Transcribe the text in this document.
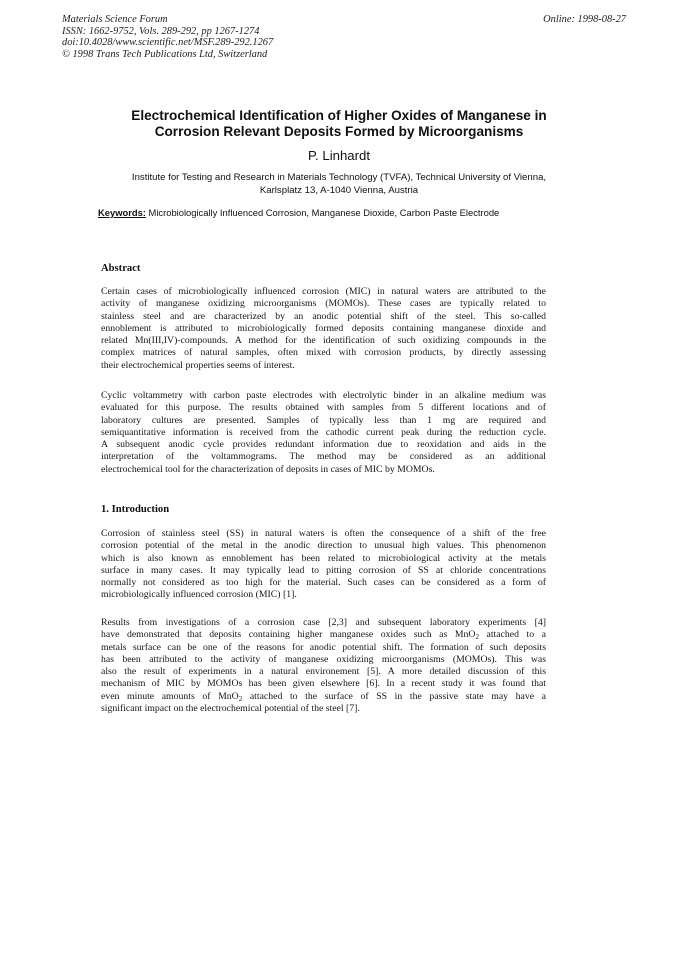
Materials Science Forum
ISSN: 1662-9752, Vols. 289-292, pp 1267-1274
doi:10.4028/www.scientific.net/MSF.289-292.1267
© 1998 Trans Tech Publications Ltd, Switzerland
Online: 1998-08-27
Electrochemical Identification of Higher Oxides of Manganese in
Corrosion Relevant Deposits Formed by Microorganisms
P. Linhardt
Institute for Testing and Research in Materials Technology (TVFA), Technical University of Vienna,
Karlsplatz 13, A-1040 Vienna, Austria
Keywords: Microbiologically Influenced Corrosion, Manganese Dioxide, Carbon Paste Electrode
Abstract
Certain cases of microbiologically influenced corrosion (MIC) in natural waters are attributed to the
activity of manganese oxidizing microorganisms (MOMOs). These cases are typically related to
stainless steel and are characterized by an anodic potential shift of the steel. This so-called
ennoblement is attributed to microbiologically formed deposits containing manganese dioxide and
related Mn(III,IV)-compounds. A method for the identification of such oxidizing compounds in the
complex matrices of natural samples, often mixed with corrosion products, by directly assessing
their electrochemical properties seems of interest.
Cyclic voltammetry with carbon paste electrodes with electrolytic binder in an alkaline medium was
evaluated for this purpose. The results obtained with samples from 5 different locations and of
laboratory cultures are presented. Samples of typically less than 1 mg are required and
semiquantitative information is received from the cathodic current peak during the reduction cycle.
A subsequent anodic cycle provides redundant information due to reoxidation and aids in the
interpretation of the voltammograms. The method may be considered as an additional
electrochemical tool for the characterization of deposits in cases of MIC by MOMOs.
1. Introduction
Corrosion of stainless steel (SS) in natural waters is often the consequence of a shift of the free
corrosion potential of the metal in the anodic direction to unusual high values. This phenomenon
which is also known as ennoblement has been related to microbiological activity at the metals
surface in many cases. It may typically lead to pitting corrosion of SS at chloride concentrations
normally not considered as too high for the material. Such cases can be considered as a form of
microbiologically influenced corrosion (MIC) [1].
Results from investigations of a corrosion case [2,3] and subsequent laboratory experiments [4]
have demonstrated that deposits containing higher manganese oxides such as MnO$_2$ attached to a
metals surface can be one of the reasons for anodic potential shift. The formation of such deposits
has been attributed to the activity of manganese oxidizing microorganisms (MOMOs). This was
also the result of experiments in a natural environement [5]. A more detailed discussion of this
mechanism of MIC by MOMOs has been given elsewhere [6]. In a recent study it was found that
even minute amounts of MnO$_2$ attached to the surface of SS in the passive state may have a
significant impact on the electrochemical potential of the steel [7].
